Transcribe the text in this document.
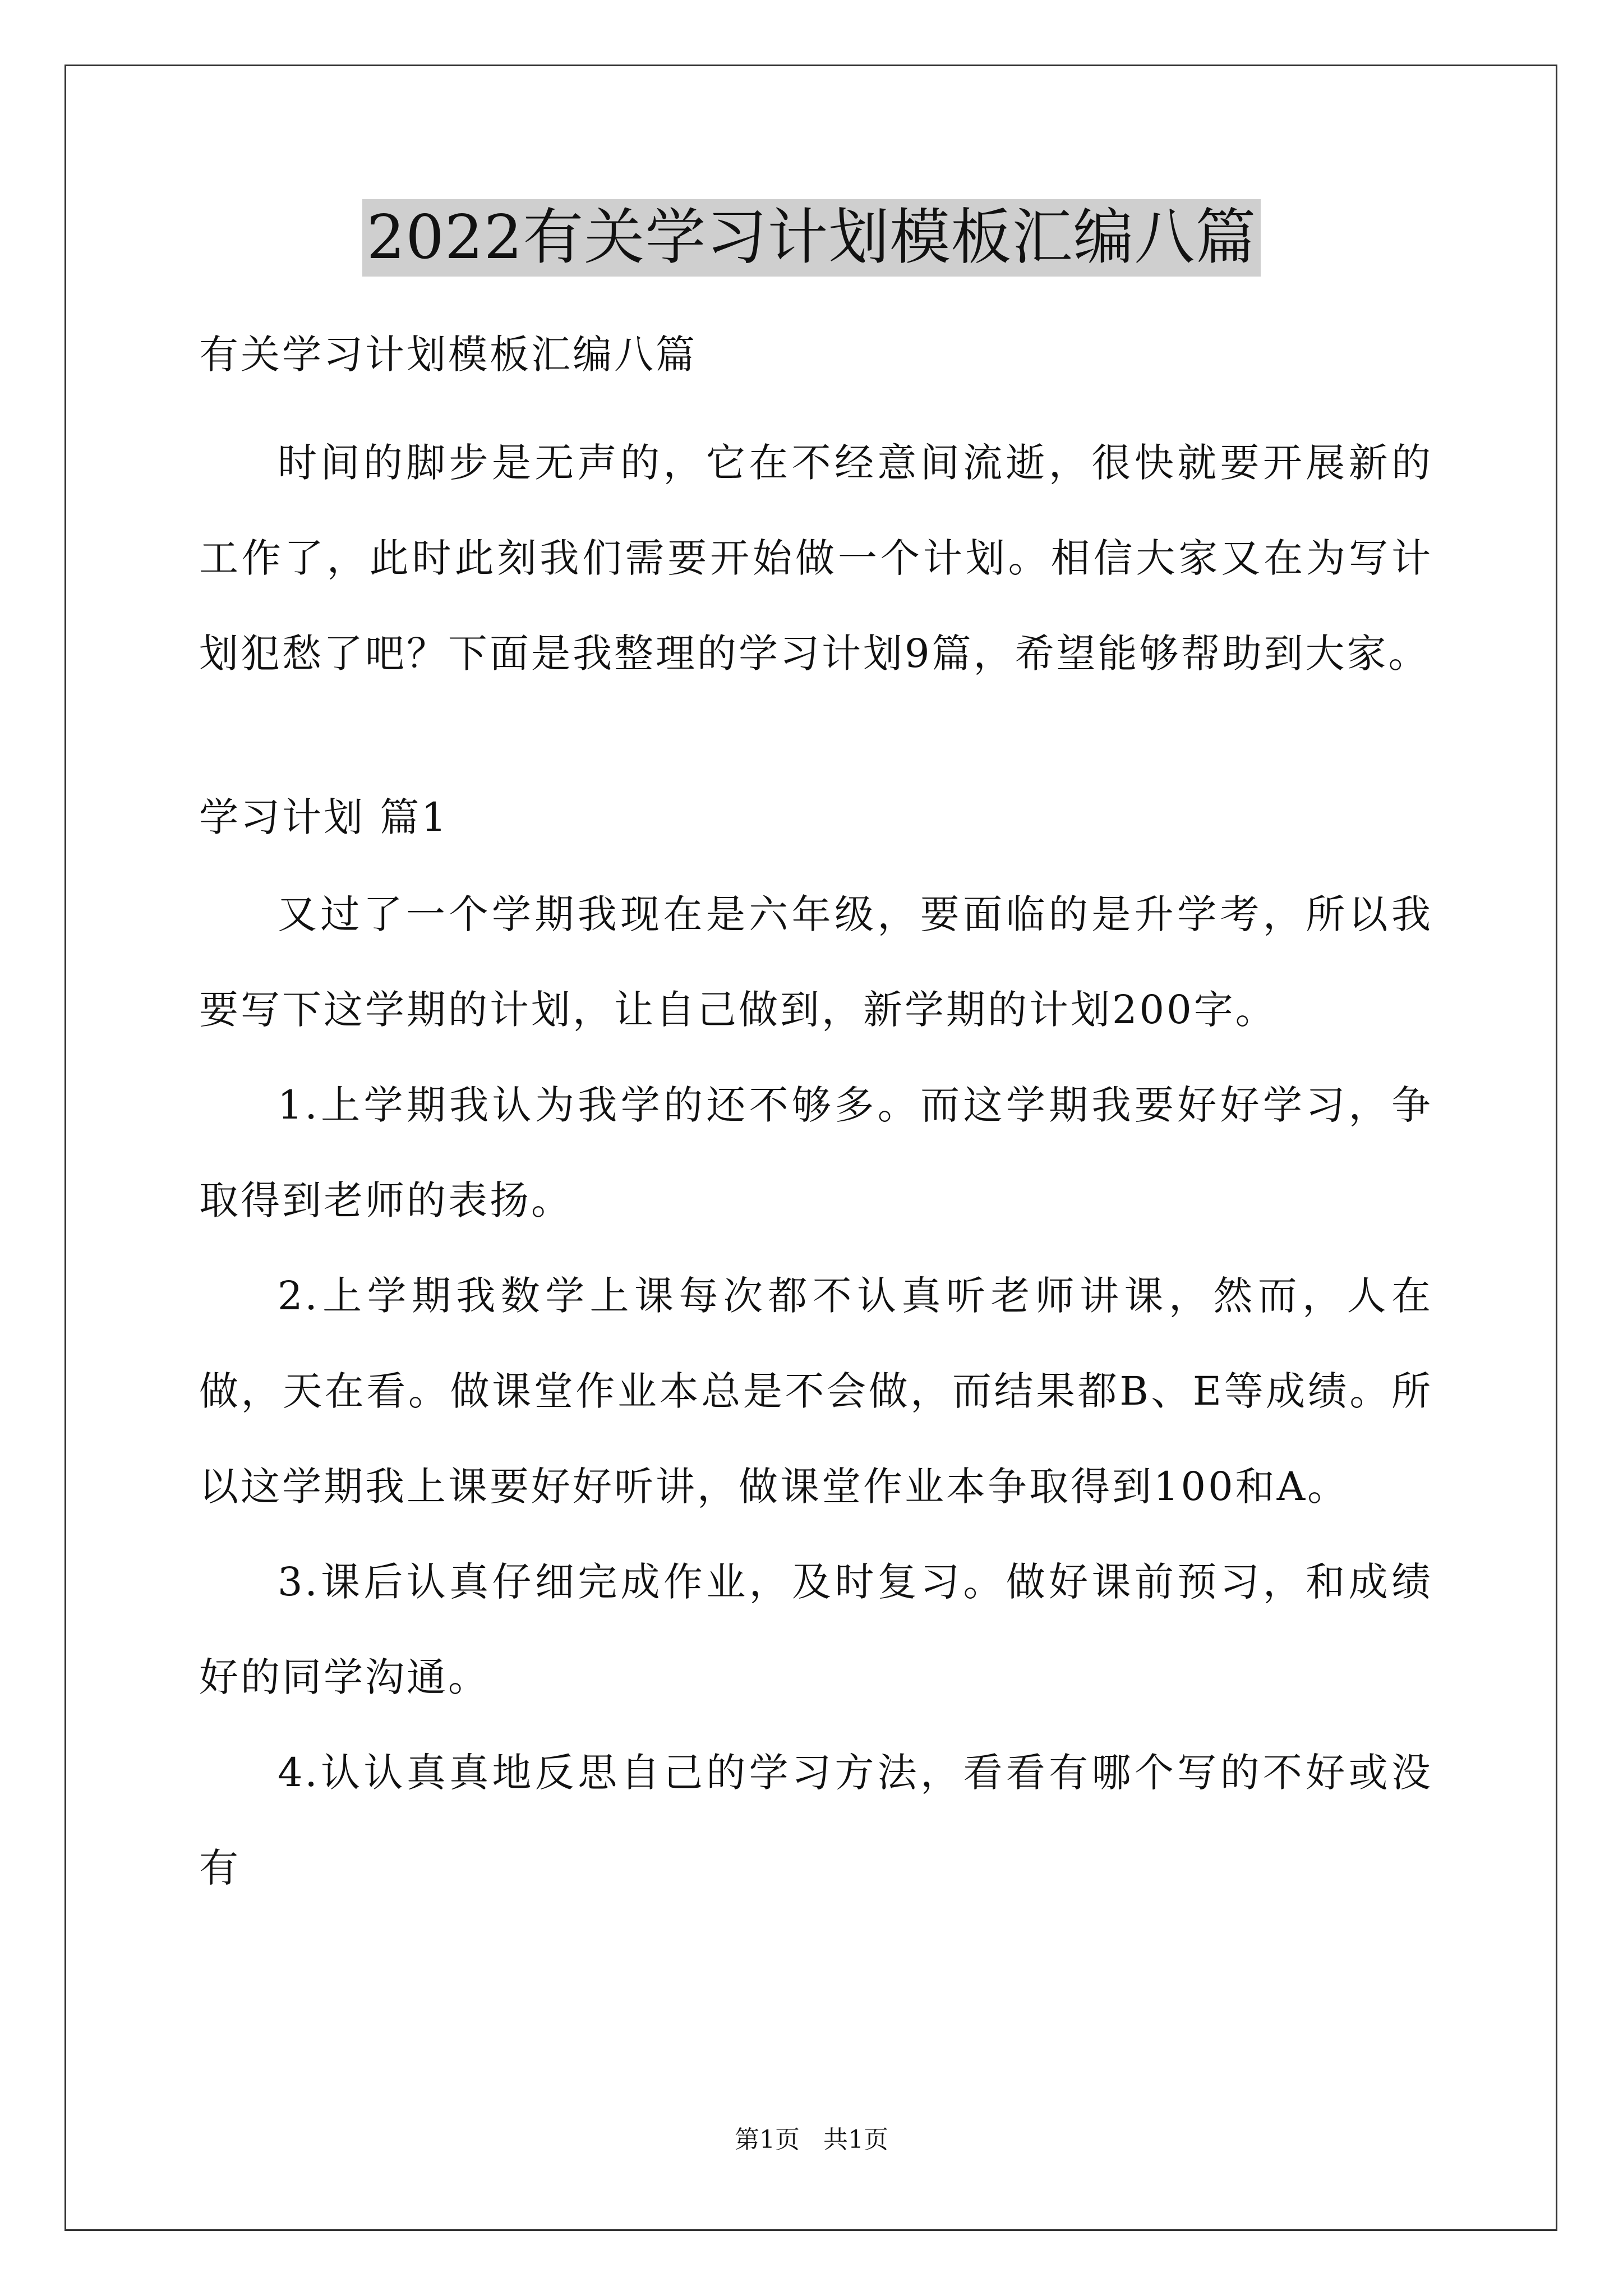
2022有关学习计划模板汇编八篇

有关学习计划模板汇编八篇

时间的脚步是无声的，它在不经意间流逝，很快就要开展新的工作了，此时此刻我们需要开始做一个计划。相信大家又在为写计划犯愁了吧？下面是我整理的学习计划9篇，希望能够帮助到大家。

学习计划 篇1

又过了一个学期我现在是六年级，要面临的是升学考，所以我要写下这学期的计划，让自己做到，新学期的计划200字。

1.上学期我认为我学的还不够多。而这学期我要好好学习，争取得到老师的表扬。

2.上学期我数学上课每次都不认真听老师讲课，然而，人在做，天在看。做课堂作业本总是不会做，而结果都B、E等成绩。所以这学期我上课要好好听讲，做课堂作业本争取得到100和A。

3.课后认真仔细完成作业，及时复习。做好课前预习，和成绩好的同学沟通。

4.认认真真地反思自己的学习方法，看看有哪个写的不好或没有

第1页 共1页
